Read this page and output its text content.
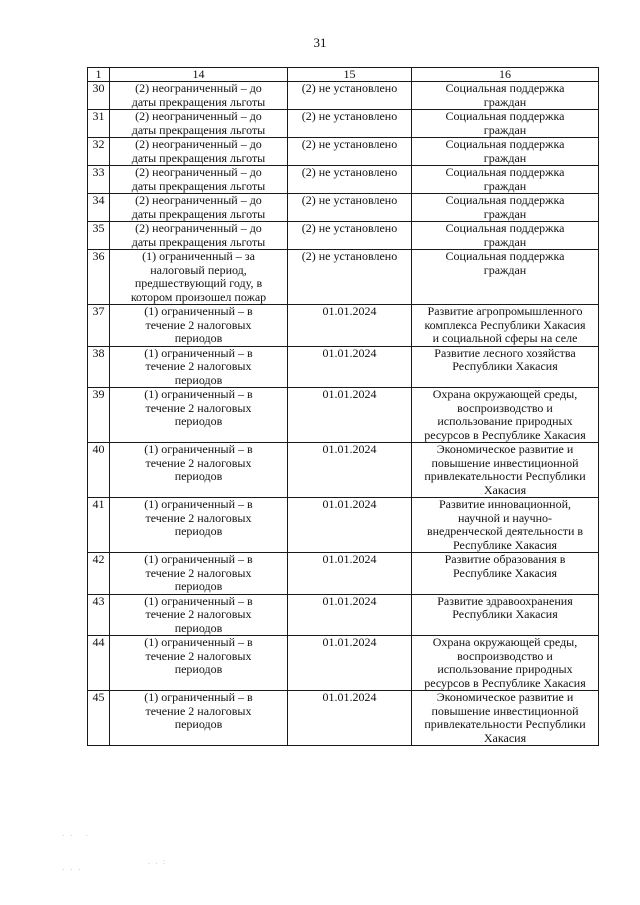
31
1	14	15	16
30	(2) неограниченный – до
даты прекращения льготы	(2) не установлено	Социальная поддержка
граждан

31	(2) неограниченный – до
даты прекращения льготы	(2) не установлено	Социальная поддержка
граждан

32	(2) неограниченный – до
даты прекращения льготы	(2) не установлено	Социальная поддержка
граждан

33	(2) неограниченный – до
даты прекращения льготы	(2) не установлено	Социальная поддержка
граждан

34	(2) неограниченный – до
даты прекращения льготы	(2) не установлено	Социальная поддержка
граждан

35	(2) неограниченный – до
даты прекращения льготы	(2) не установлено	Социальная поддержка
граждан

36	(1) ограниченный – за
налоговый период,
предшествующий году, в
котором произошел пожар	(2) не установлено	Социальная поддержка
граждан

37	(1) ограниченный – в
течение 2 налоговых
периодов	01.01.2024	Развитие агропромышленного
комплекса Республики Хакасия
и социальной сферы на селе

38	(1) ограниченный – в
течение 2 налоговых
периодов	01.01.2024	Развитие лесного хозяйства
Республики Хакасия

39	(1) ограниченный – в
течение 2 налоговых
периодов	01.01.2024	Охрана окружающей среды,
воспроизводство и
использование природных
ресурсов в Республике Хакасия

40	(1) ограниченный – в
течение 2 налоговых
периодов	01.01.2024	Экономическое развитие и
повышение инвестиционной
привлекательности Республики
Хакасия

41	(1) ограниченный – в
течение 2 налоговых
периодов	01.01.2024	Развитие инновационной,
научной и научно-
внедренческой деятельности в
Республике Хакасия

42	(1) ограниченный – в
течение 2 налоговых
периодов	01.01.2024	Развитие образования в
Республике Хакасия

43	(1) ограниченный – в
течение 2 налоговых
периодов	01.01.2024	Развитие здравоохранения
Республики Хакасия

44	(1) ограниченный – в
течение 2 налоговых
периодов	01.01.2024	Охрана окружающей среды,
воспроизводство и
использование природных
ресурсов в Республике Хакасия

45	(1) ограниченный – в
течение 2 налоговых
периодов	01.01.2024	Экономическое развитие и
повышение инвестиционной
привлекательности Республики
Хакасия
· ·   ·
. . :
· · ·
